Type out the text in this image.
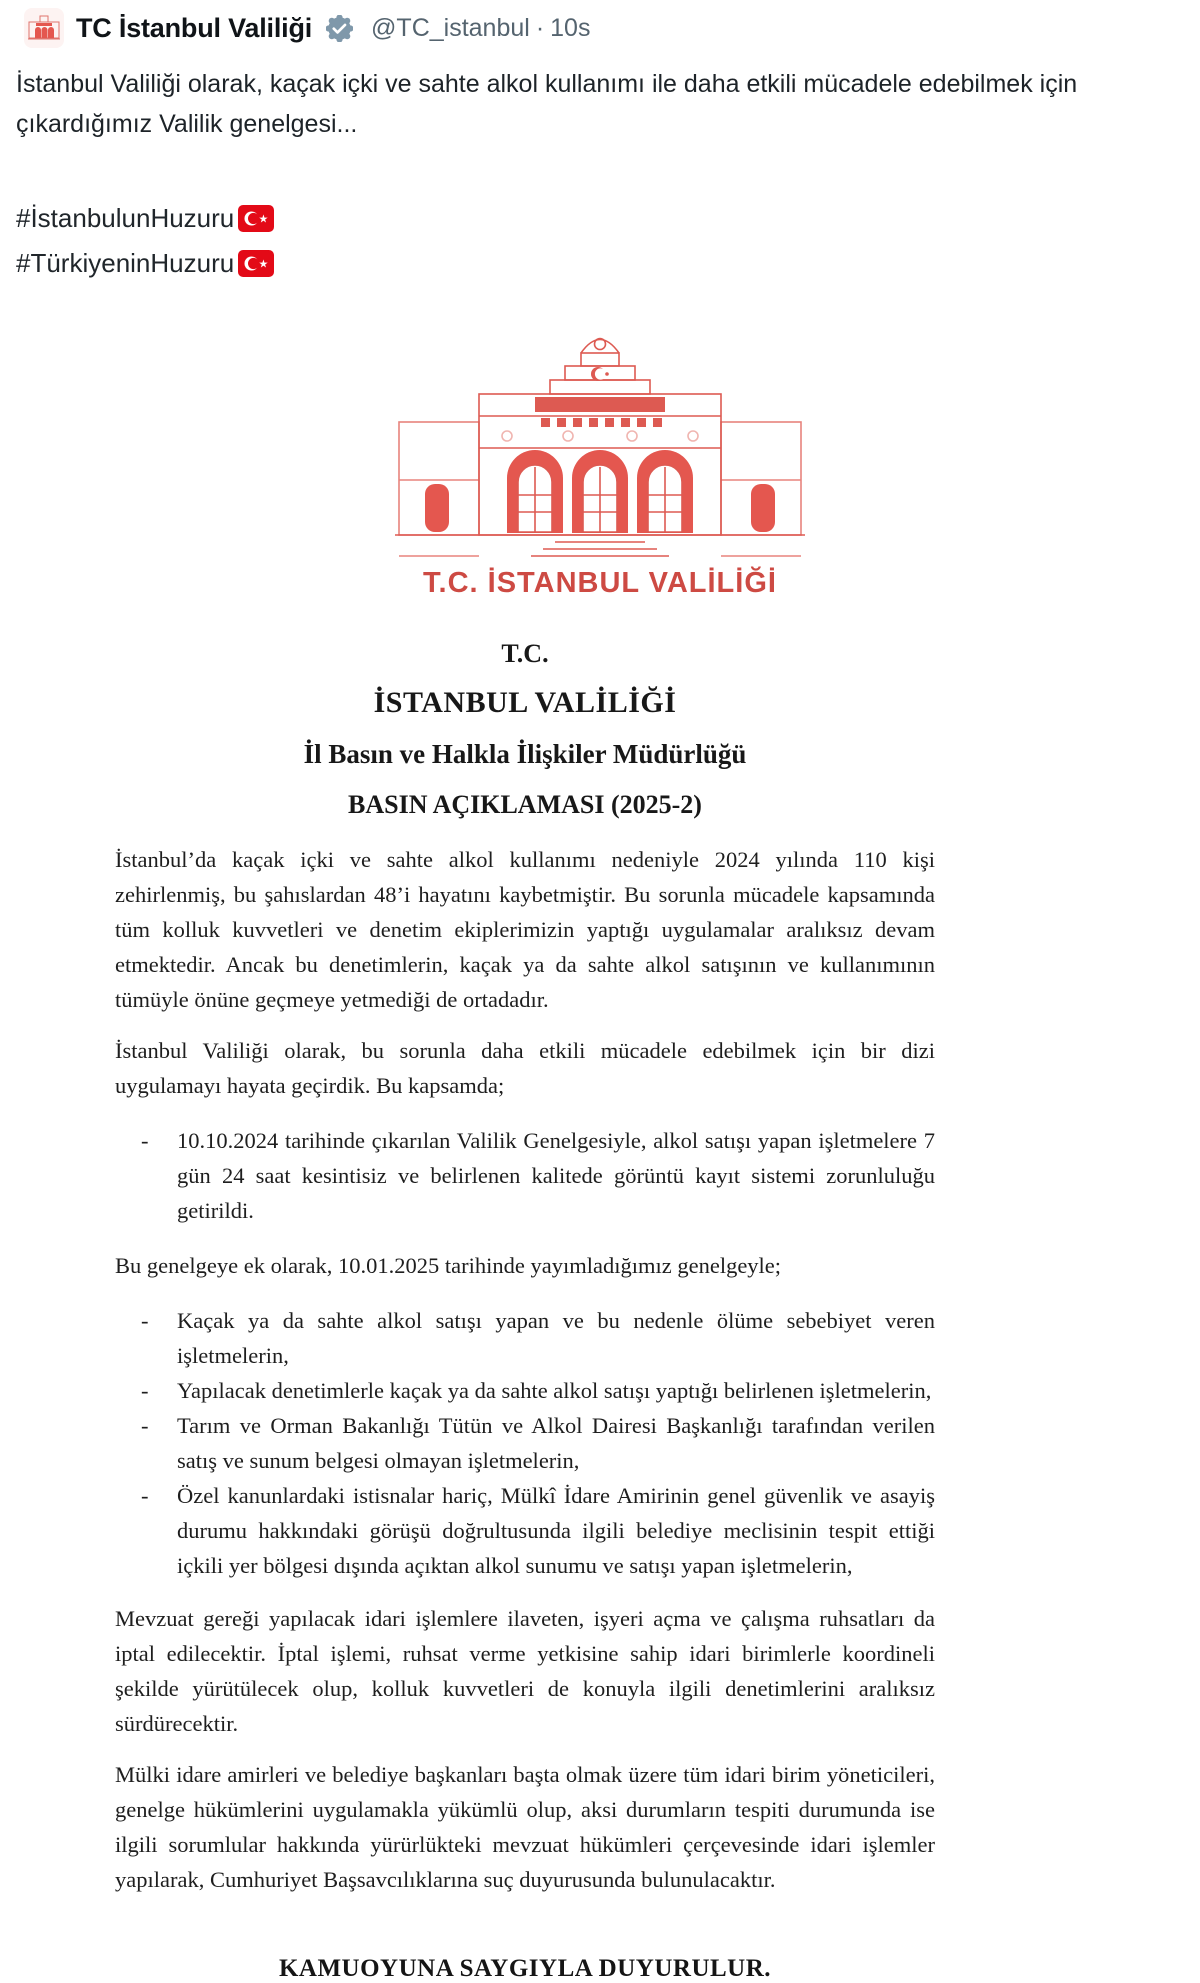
TC İstanbul Valiliği @TC_istanbul · 10s
İstanbul Valiliği olarak, kaçak içki ve sahte alkol kullanımı ile daha etkili mücadele edebilmek için çıkardığımız Valilik genelgesi...
#İstanbulunHuzuru ★
#TürkiyeninHuzuru ★
T.C. İSTANBUL VALİLİĞİ
T.C.
İSTANBUL VALİLİĞİ
İl Basın ve Halkla İlişkiler Müdürlüğü
BASIN AÇIKLAMASI (2025-2)

İstanbul’da kaçak içki ve sahte alkol kullanımı nedeniyle 2024 yılında 110 kişi zehirlenmiş, bu şahıslardan 48’i hayatını kaybetmiştir. Bu sorunla mücadele kapsamında tüm kolluk kuvvetleri ve denetim ekiplerimizin yaptığı uygulamalar aralıksız devam etmektedir. Ancak bu denetimlerin, kaçak ya da sahte alkol satışının ve kullanımının tümüyle önüne geçmeye yetmediği de ortadadır.

İstanbul Valiliği olarak, bu sorunla daha etkili mücadele edebilmek için bir dizi uygulamayı hayata geçirdik. Bu kapsamda;

- 10.10.2024 tarihinde çıkarılan Valilik Genelgesiyle, alkol satışı yapan işletmelere 7 gün 24 saat kesintisiz ve belirlenen kalitede görüntü kayıt sistemi zorunluluğu getirildi.

Bu genelgeye ek olarak, 10.01.2025 tarihinde yayımladığımız genelgeyle;

- Kaçak ya da sahte alkol satışı yapan ve bu nedenle ölüme sebebiyet veren işletmelerin,
- Yapılacak denetimlerle kaçak ya da sahte alkol satışı yaptığı belirlenen işletmelerin,
- Tarım ve Orman Bakanlığı Tütün ve Alkol Dairesi Başkanlığı tarafından verilen satış ve sunum belgesi olmayan işletmelerin,
- Özel kanunlardaki istisnalar hariç, Mülkî İdare Amirinin genel güvenlik ve asayiş durumu hakkındaki görüşü doğrultusunda ilgili belediye meclisinin tespit ettiği içkili yer bölgesi dışında açıktan alkol sunumu ve satışı yapan işletmelerin,

Mevzuat gereği yapılacak idari işlemlere ilaveten, işyeri açma ve çalışma ruhsatları da iptal edilecektir. İptal işlemi, ruhsat verme yetkisine sahip idari birimlerle koordineli şekilde yürütülecek olup, kolluk kuvvetleri de konuyla ilgili denetimlerini aralıksız sürdürecektir.

Mülki idare amirleri ve belediye başkanları başta olmak üzere tüm idari birim yöneticileri, genelge hükümlerini uygulamakla yükümlü olup, aksi durumların tespiti durumunda ise ilgili sorumlular hakkında yürürlükteki mevzuat hükümleri çerçevesinde idari işlemler yapılarak, Cumhuriyet Başsavcılıklarına suç duyurusunda bulunulacaktır.

KAMUOYUNA SAYGIYLA DUYURULUR.
